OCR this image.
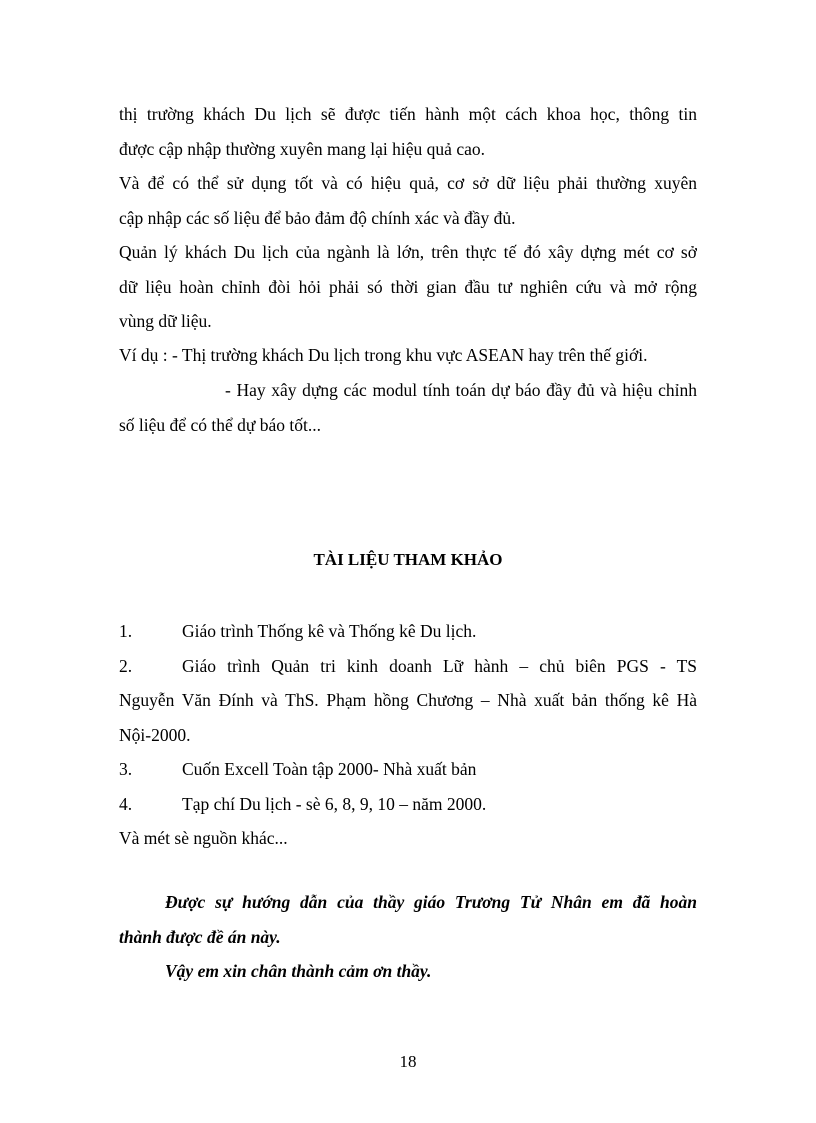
thị trường khách Du lịch sẽ được tiến hành một cách khoa học, thông tin
được cập nhập thường xuyên mang lại hiệu quả cao.
Và để có thể sử dụng tốt và có hiệu quả, cơ sở dữ liệu phải thường xuyên
cập nhập các số liệu để bảo đảm độ chính xác và đầy đủ.
Quản lý khách Du lịch của ngành là lớn, trên thực tế đó xây dựng mét cơ sở
dữ liệu hoàn chỉnh đòi hỏi phải só thời gian đầu tư nghiên cứu và mở rộng
vùng dữ liệu.
Ví dụ : - Thị trường khách Du lịch trong khu vực ASEAN hay trên thế giới.
- Hay xây dựng các modul tính toán dự báo đầy đủ và hiệu chỉnh
số liệu để có thể dự báo tốt...
TÀI LIỆU THAM KHẢO
1.	Giáo trình Thống kê và Thống kê Du lịch.
2.	Giáo trình Quản tri kinh doanh Lữ hành – chủ biên PGS - TS
Nguyễn Văn Đính và ThS. Phạm hồng Chương – Nhà xuất bản thống kê Hà
Nội-2000.
3.	Cuốn Excell Toàn tập 2000- Nhà xuất bản
4.	Tạp chí Du lịch - sè 6, 8, 9, 10 – năm 2000.
Và mét sè nguồn khác...
Được sự hướng dẫn của thầy giáo Trương Tử Nhân em đã hoàn
thành được đề án này.
Vậy em xin chân thành cảm ơn thầy.
18
